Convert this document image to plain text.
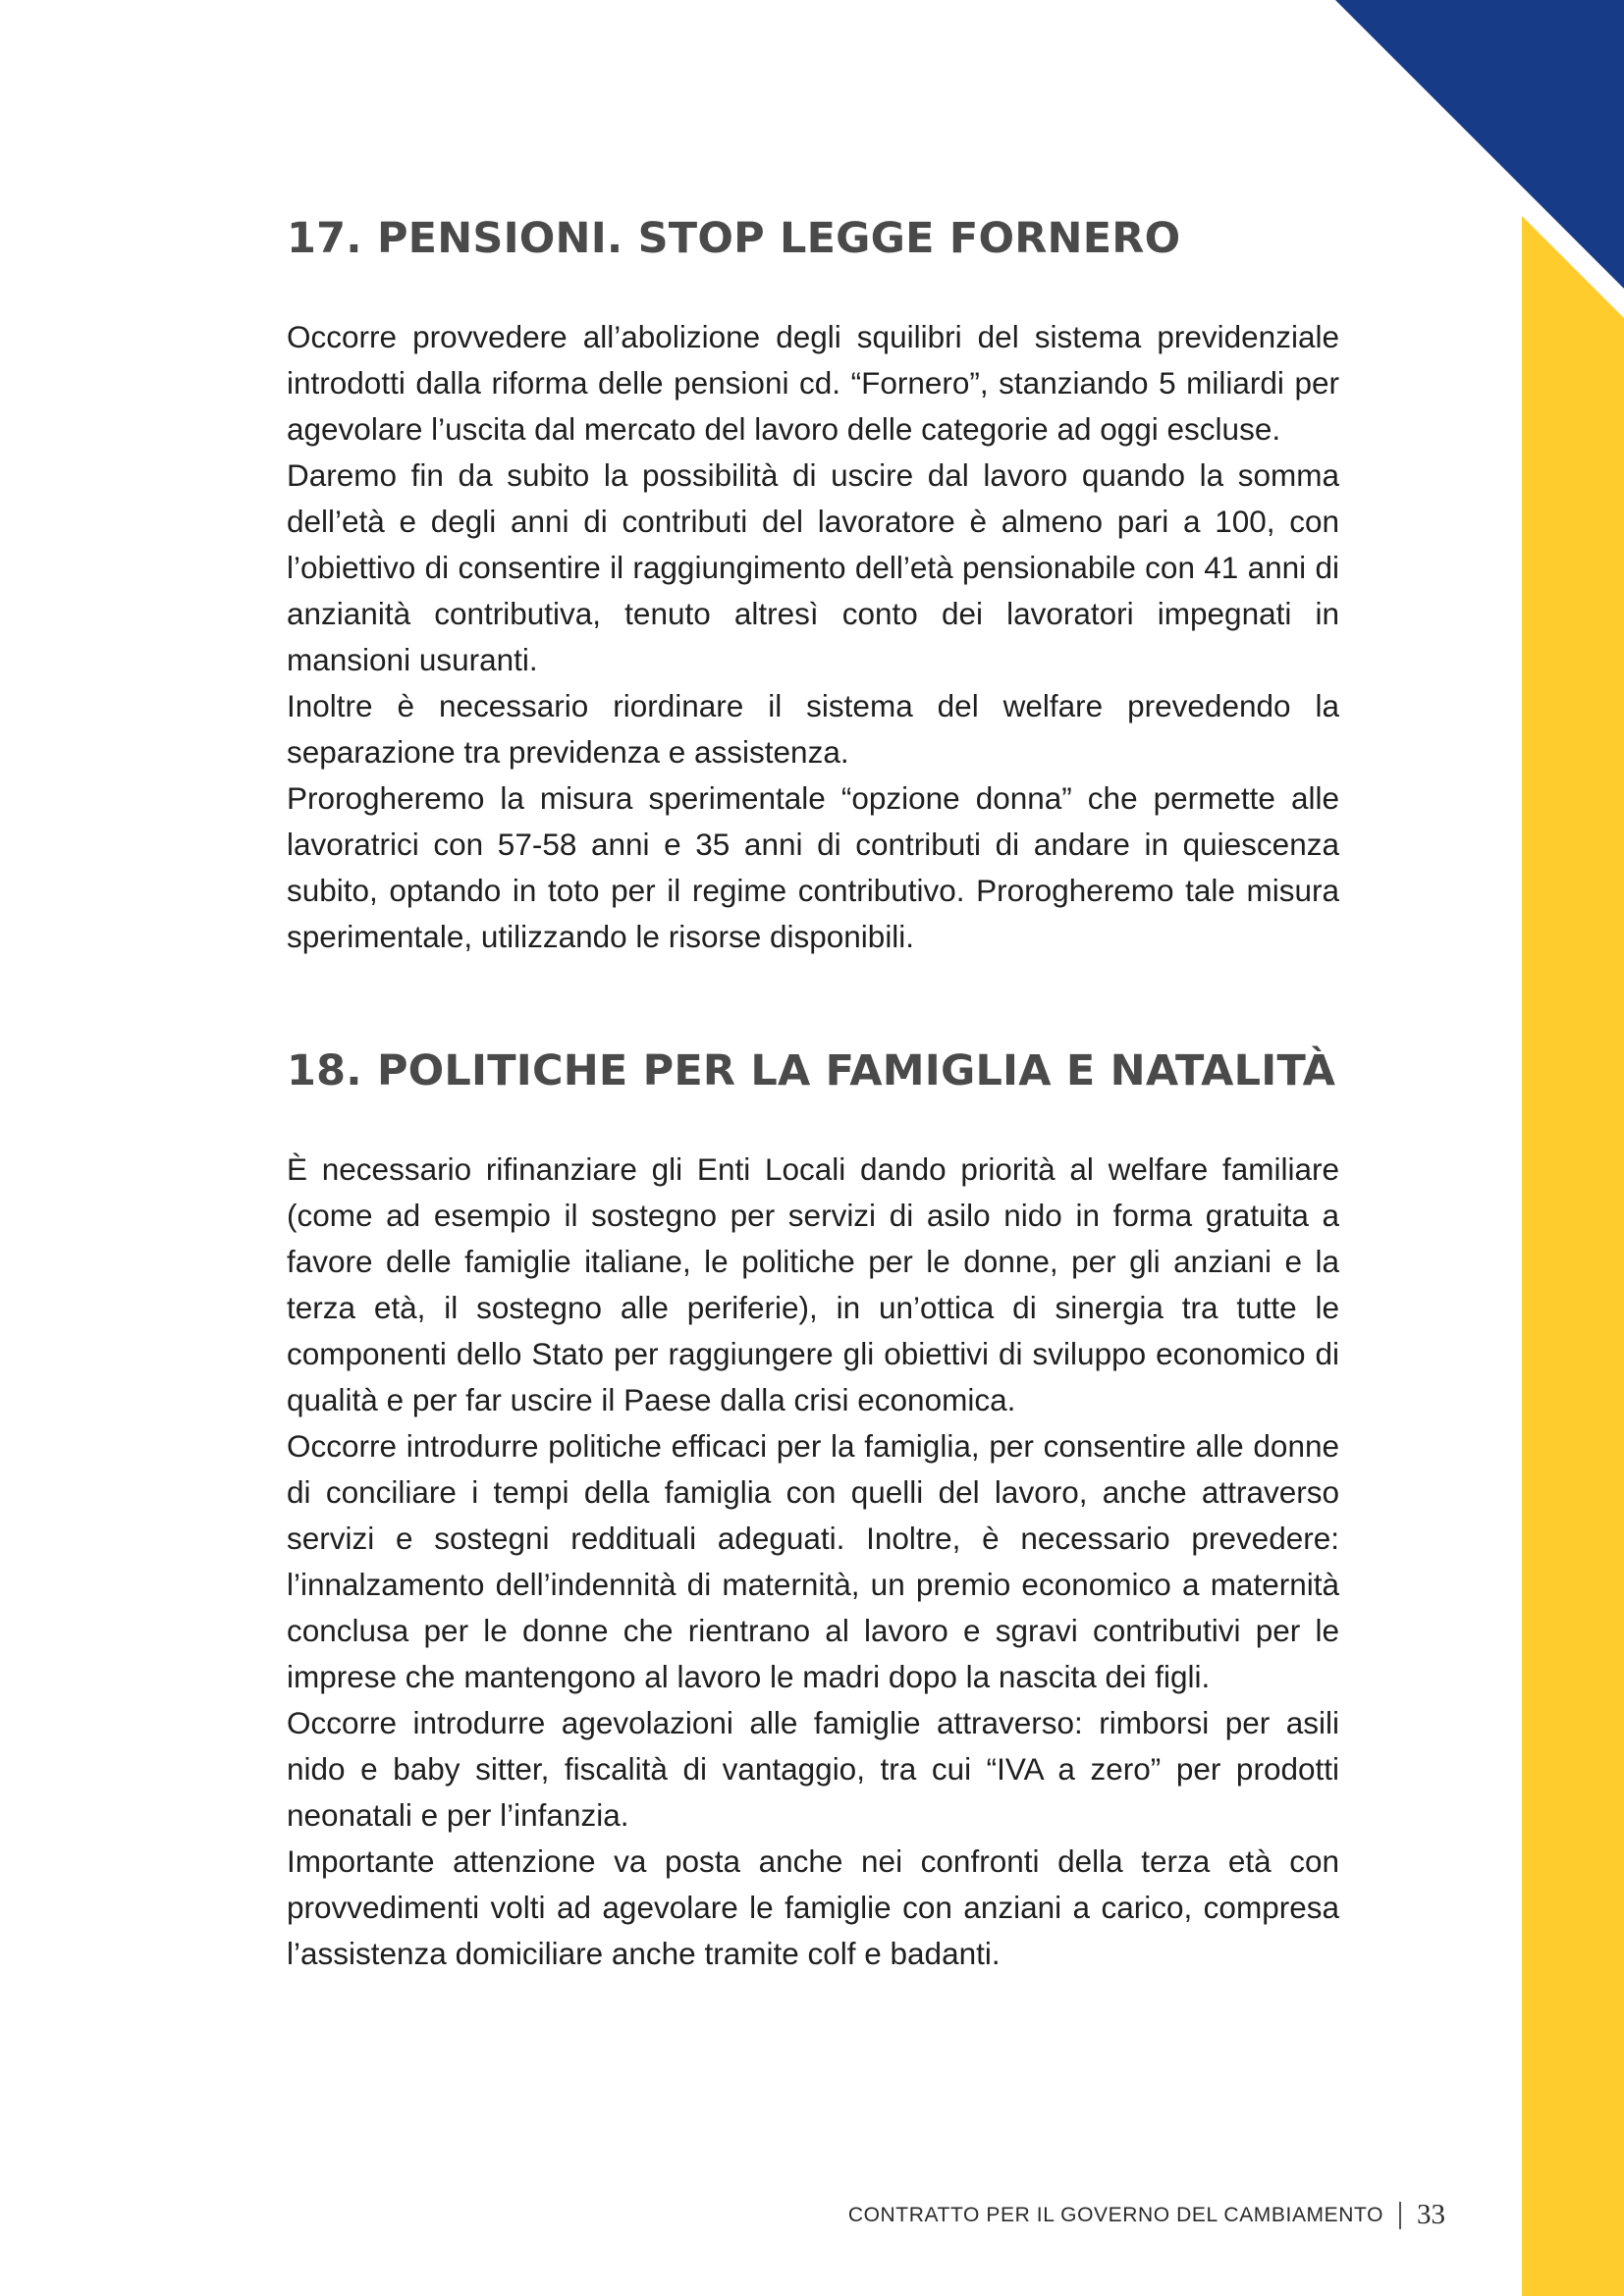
17. PENSIONI. STOP LEGGE FORNERO

Occorre provvedere all’abolizione degli squilibri del sistema previdenziale introdotti dalla riforma delle pensioni cd. “Fornero”, stanziando 5 miliardi per agevolare l’uscita dal mercato del lavoro delle categorie ad oggi escluse.

Daremo fin da subito la possibilità di uscire dal lavoro quando la somma dell’età e degli anni di contributi del lavoratore è almeno pari a 100, con l’obiettivo di consentire il raggiungimento dell’età pensionabile con 41 anni di anzianità contributiva, tenuto altresì conto dei lavoratori impegnati in mansioni usuranti.

Inoltre è necessario riordinare il sistema del welfare prevedendo la separazione tra previdenza e assistenza.

Prorogheremo la misura sperimentale “opzione donna” che permette alle lavoratrici con 57-58 anni e 35 anni di contributi di andare in quiescenza subito, optando in toto per il regime contributivo. Prorogheremo tale misura sperimentale, utilizzando le risorse disponibili.

18. POLITICHE PER LA FAMIGLIA E NATALITÀ

È necessario rifinanziare gli Enti Locali dando priorità al welfare familiare (come ad esempio il sostegno per servizi di asilo nido in forma gratuita a favore delle famiglie italiane, le politiche per le donne, per gli anziani e la terza età, il sostegno alle periferie), in un’ottica di sinergia tra tutte le componenti dello Stato per raggiungere gli obiettivi di sviluppo economico di qualità e per far uscire il Paese dalla crisi economica.

Occorre introdurre politiche efficaci per la famiglia, per consentire alle donne di conciliare i tempi della famiglia con quelli del lavoro, anche attraverso servizi e sostegni reddituali adeguati. Inoltre, è necessario prevedere: l’innalzamento dell’indennità di maternità, un premio economico a maternità conclusa per le donne che rientrano al lavoro e sgravi contributivi per le imprese che mantengono al lavoro le madri dopo la nascita dei figli.

Occorre introdurre agevolazioni alle famiglie attraverso: rimborsi per asili nido e baby sitter, fiscalità di vantaggio, tra cui “IVA a zero” per prodotti neonatali e per l’infanzia.

Importante attenzione va posta anche nei confronti della terza età con provvedimenti volti ad agevolare le famiglie con anziani a carico, compresa l’assistenza domiciliare anche tramite colf e badanti.

CONTRATTO PER IL GOVERNO DEL CAMBIAMENTO 33
